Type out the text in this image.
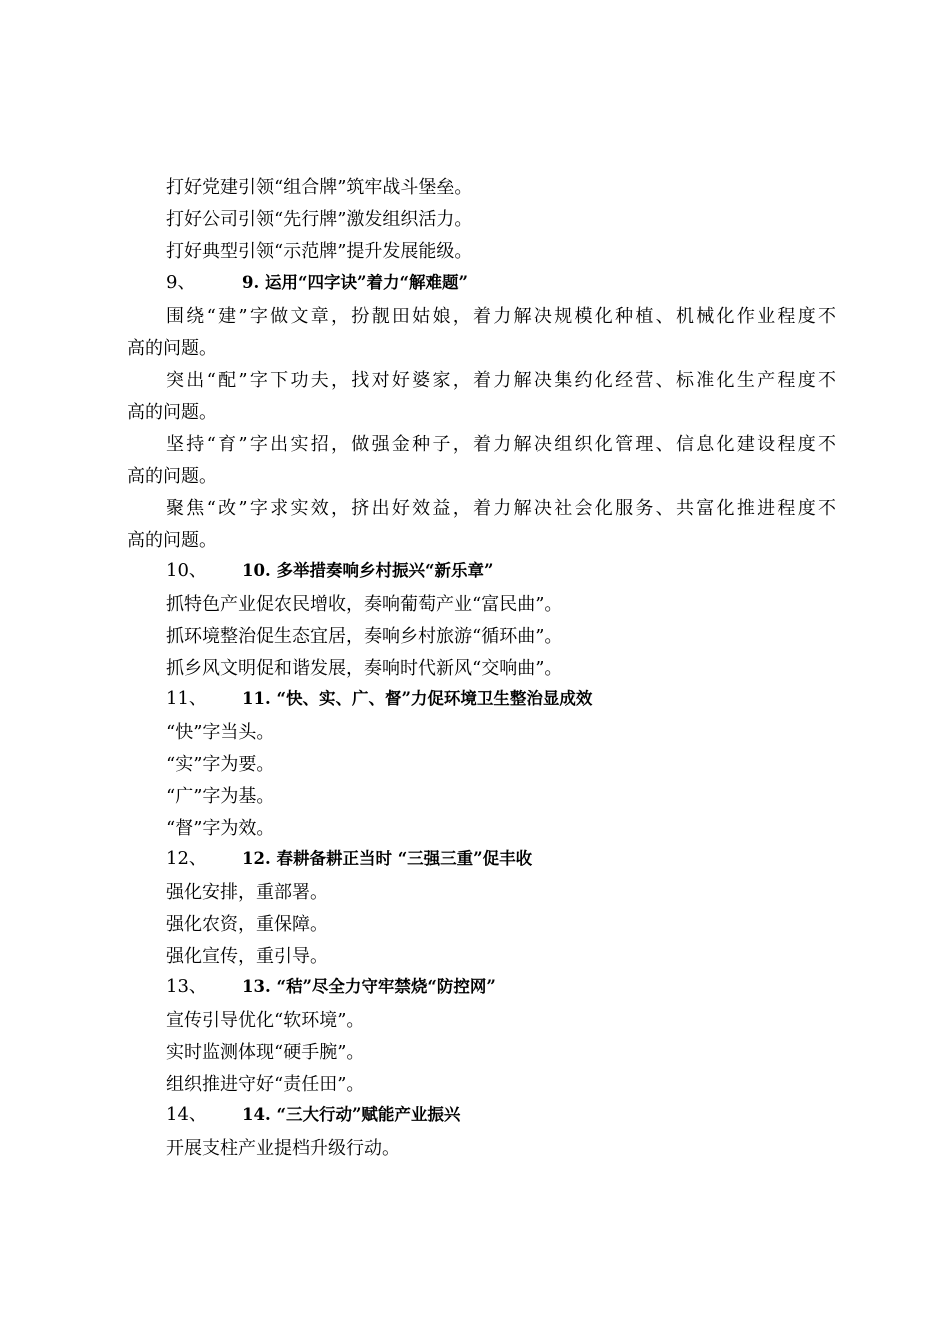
打好党建引领“组合牌”筑牢战斗堡垒。
打好公司引领“先行牌”激发组织活力。
打好典型引领“示范牌”提升发展能级。
9、	9. 运用“四字诀”着力“解难题”
围绕“建”字做文章，扮靓田姑娘，着力解决规模化种植、机械化作业程度不
高的问题。
突出“配”字下功夫，找对好婆家，着力解决集约化经营、标准化生产程度不
高的问题。
坚持“育”字出实招，做强金种子，着力解决组织化管理、信息化建设程度不
高的问题。
聚焦“改”字求实效，挤出好效益，着力解决社会化服务、共富化推进程度不
高的问题。
10、 10. 多举措奏响乡村振兴“新乐章”
抓特色产业促农民增收，奏响葡萄产业“富民曲”。
抓环境整治促生态宜居，奏响乡村旅游“循环曲”。
抓乡风文明促和谐发展，奏响时代新风“交响曲”。
11、 11. “快、实、广、督”力促环境卫生整治显成效
“快”字当头。
“实”字为要。
“广”字为基。
“督”字为效。
12、 12. 春耕备耕正当时 “三强三重”促丰收
强化安排，重部署。
强化农资，重保障。
强化宣传，重引导。
13、 13. “秸”尽全力守牢禁烧“防控网”
宣传引导优化“软环境”。
实时监测体现“硬手腕”。
组织推进守好“责任田”。
14、 14. “三大行动”赋能产业振兴
开展支柱产业提档升级行动。
